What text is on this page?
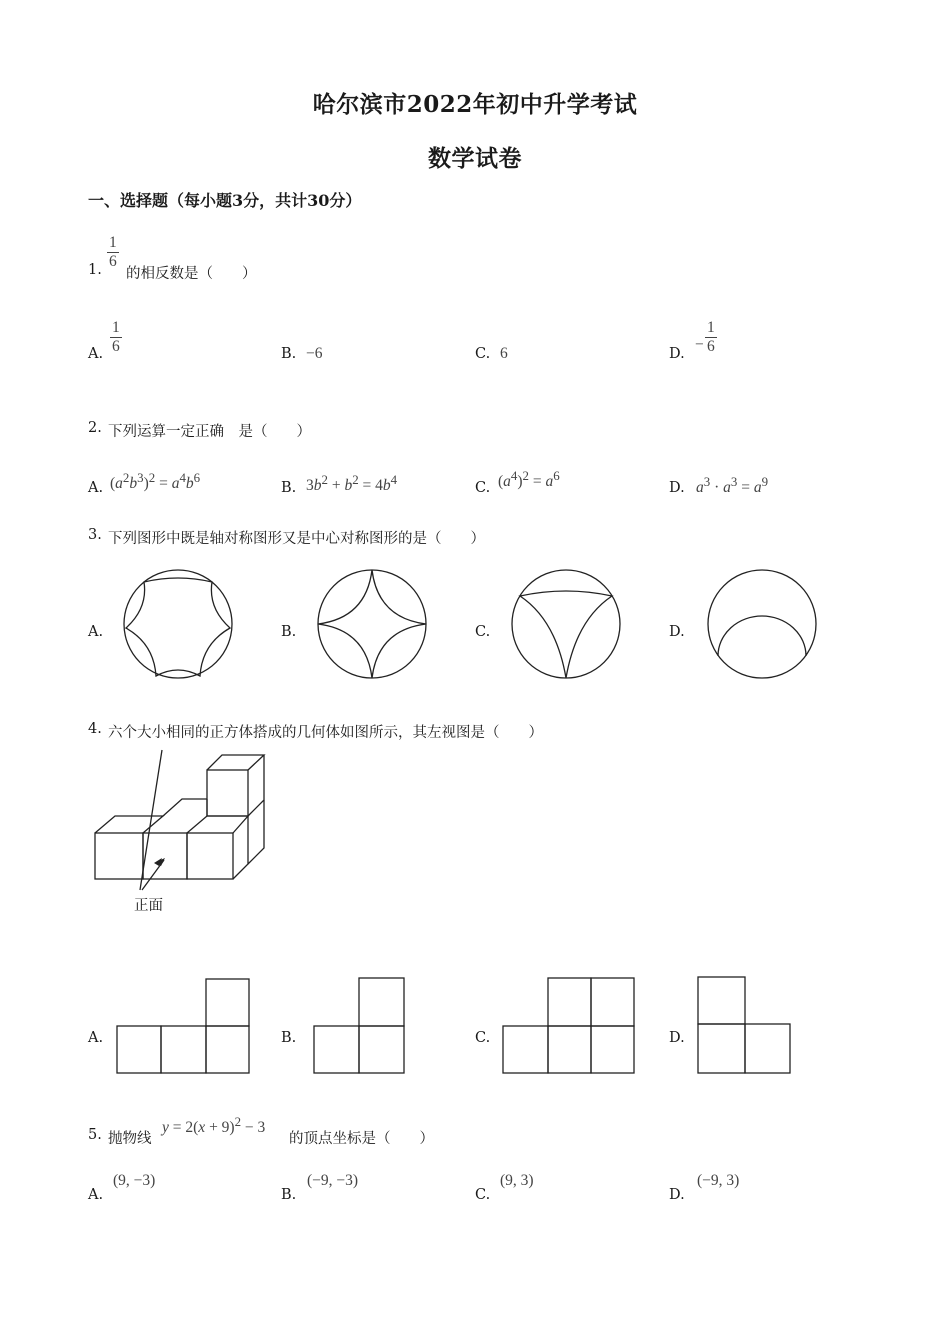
哈尔滨市2022年初中升学考试
数学试卷
一、选择题（每小题3分，共计30分）
1. $\frac{1}{6}$
的相反数是（　　）
A. $\frac{1}{6}$	B. −6	C. 6	D.
− $\frac{1}{6}$
2. 下列运算一定正确　是（　　）
A. $(a^2b^3)^2 = a^4b^6$
B. $3b^2 + b^2 = 4b^4$
C. $(a^4)^2 = a^6$
D. $a^3 \cdot a^3 = a^9$
3. 下列图形中既是轴对称图形又是中心对称图形的是（　　）
A.	B.	C.	D.
4. 六个大小相同的正方体搭成的几何体如图所示，其左视图是（　　）
正面
A.	B.	C.	D.
5. 抛物线
$y = 2(x + 9)^2 - 3$
的顶点坐标是（　　）
A.
(9, −3)
B.
(−9, −3)
C.
(9, 3)
D.
(−9, 3)
